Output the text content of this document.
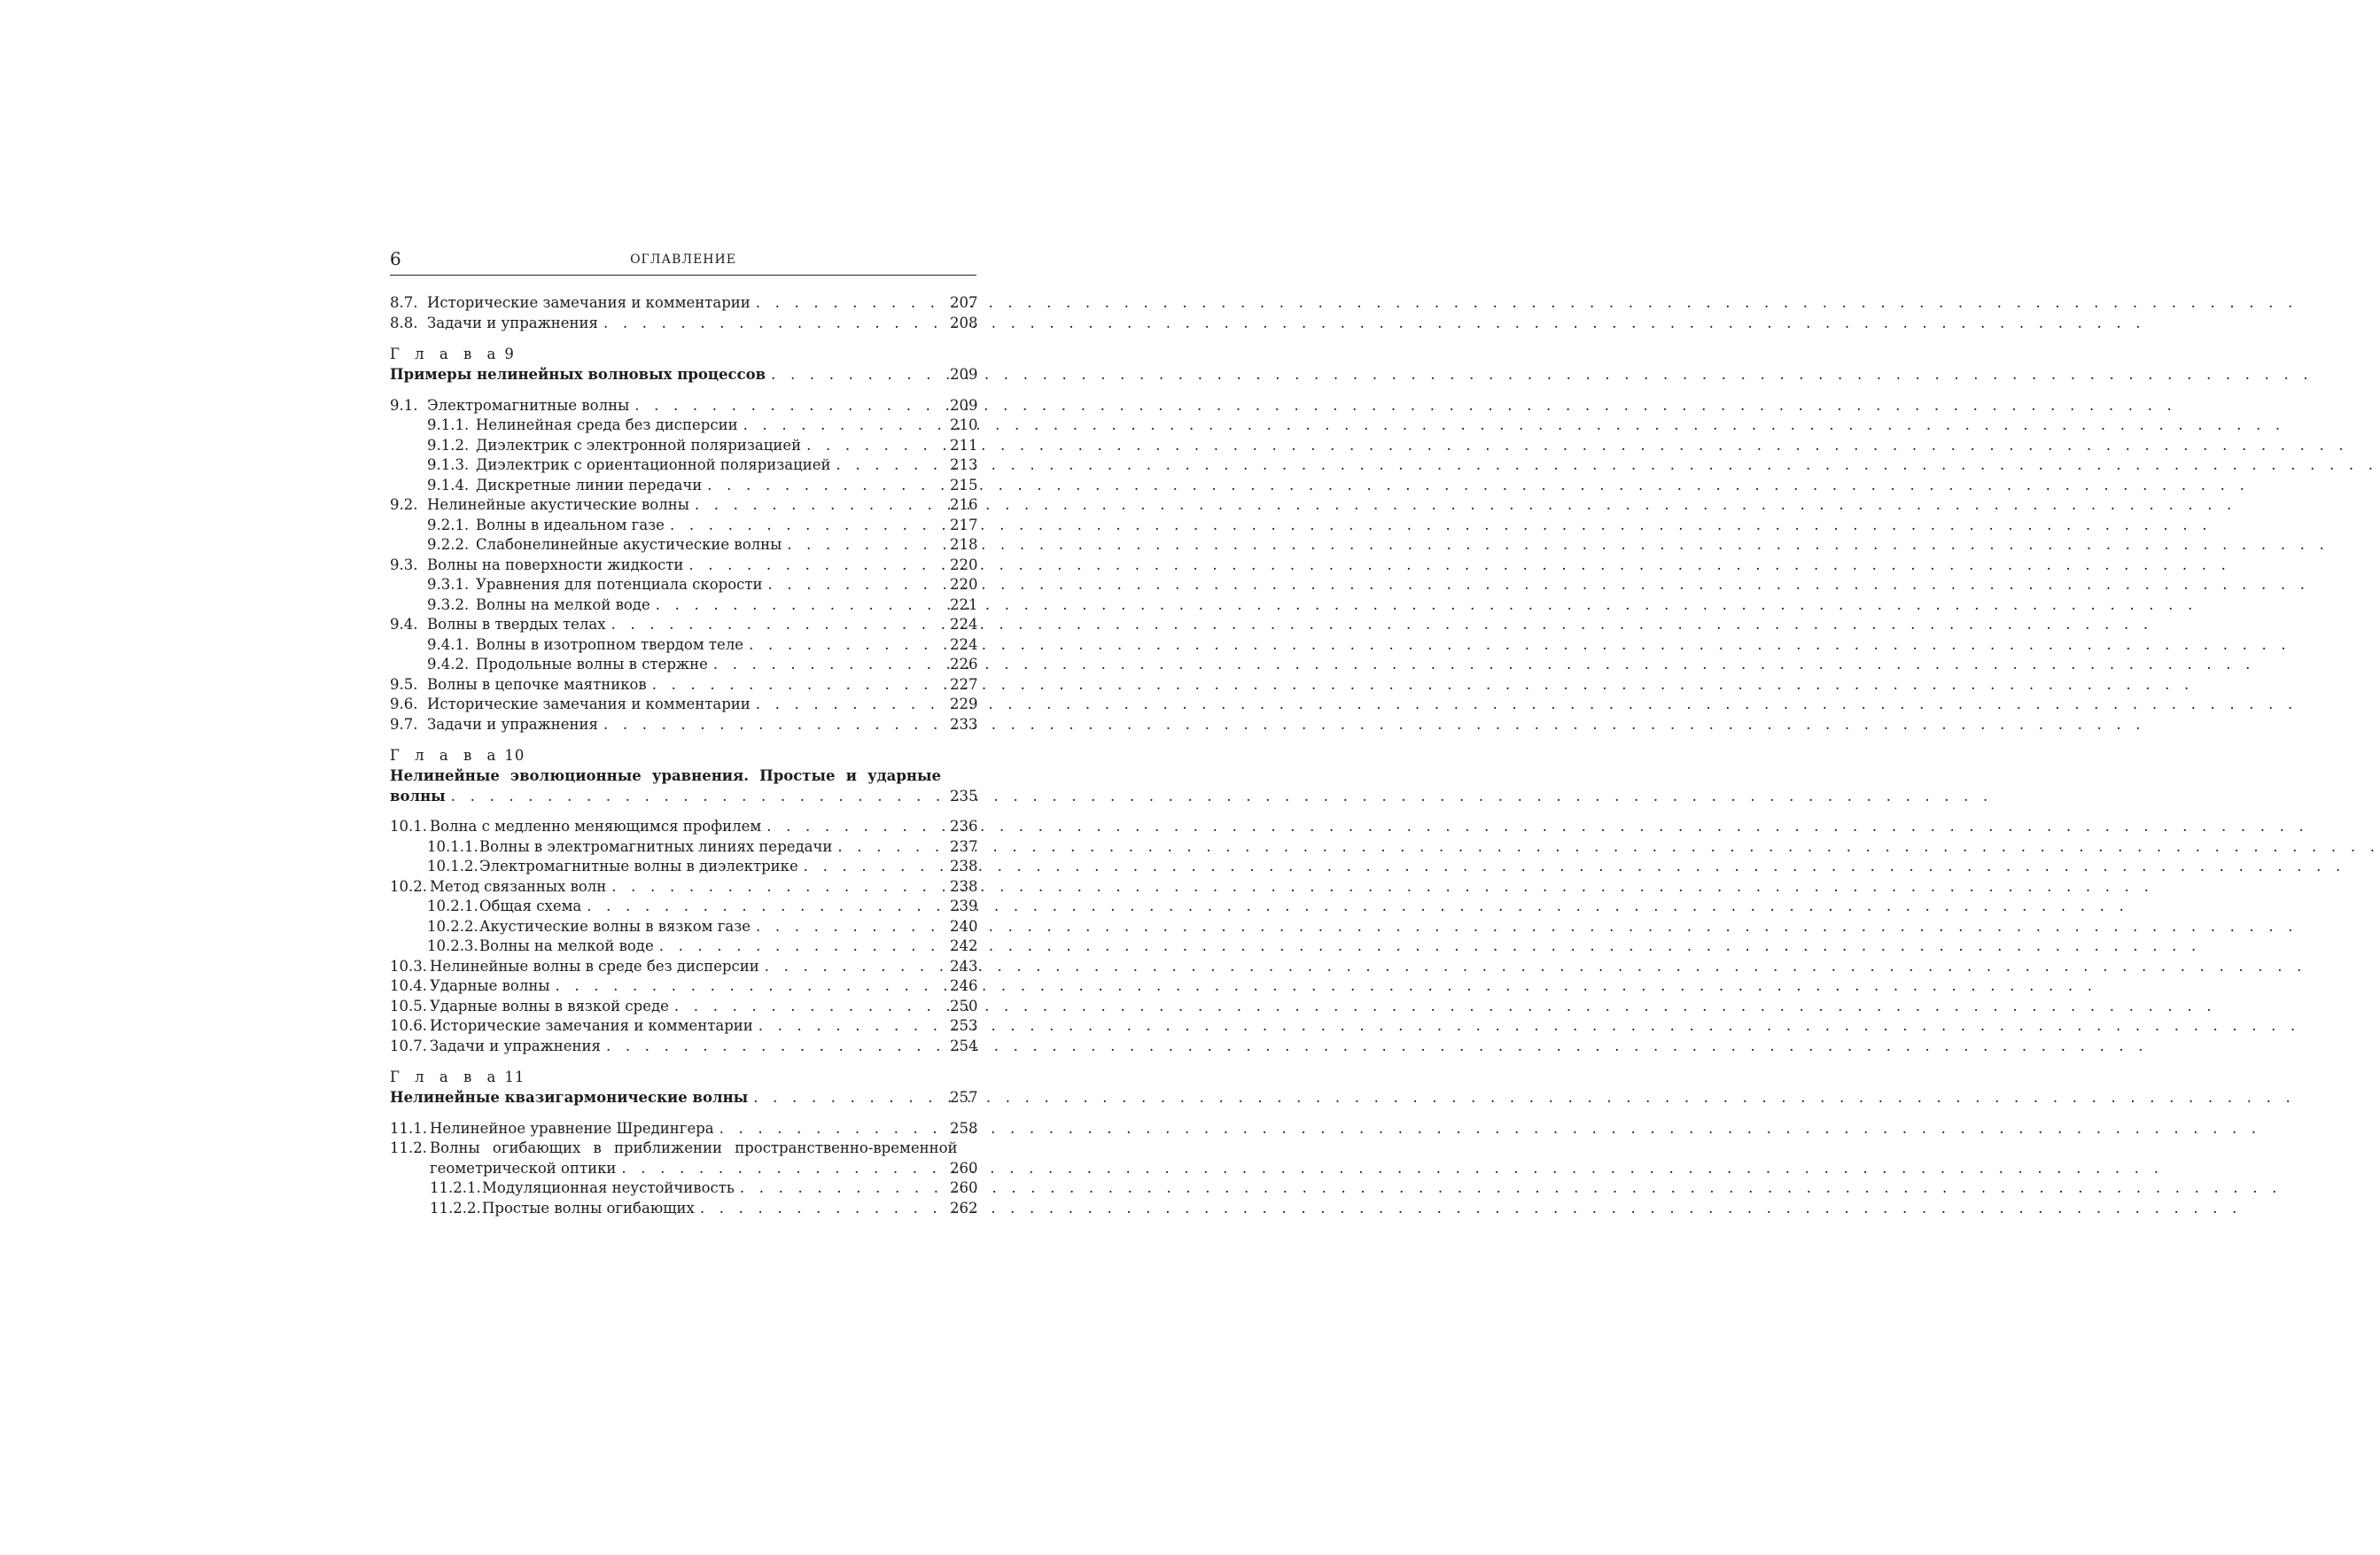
6	ОГЛАВЛЕНИЕ
8.7. Исторические замечания и комментарии . . .	207
8.8. Задачи и упражнения . . .	208
Г л а в а 9
Примеры нелинейных волновых процессов . . .	209
9.1. Электромагнитные волны . . .	209
9.1.1. Нелинейная среда без дисперсии . . .	210
9.1.2. Диэлектрик с электронной поляризацией . . .	211
9.1.3. Диэлектрик с ориентационной поляризацией . . .	213
9.1.4. Дискретные линии передачи . . .	215
9.2. Нелинейные акустические волны . . .	216
9.2.1. Волны в идеальном газе . . .	217
9.2.2. Слабонелинейные акустические волны . . .	218
9.3. Волны на поверхности жидкости . . .	220
9.3.1. Уравнения для потенциала скорости . . .	220
9.3.2. Волны на мелкой воде . . .	221
9.4. Волны в твердых телах . . .	224
9.4.1. Волны в изотропном твердом теле . . .	224
9.4.2. Продольные волны в стержне . . .	226
9.5. Волны в цепочке маятников . . .	227
9.6. Исторические замечания и комментарии . . .	229
9.7. Задачи и упражнения . . .	233
Г л а в а 10
Нелинейные эволюционные уравнения. Простые и ударные
волны . . .	235
10.1. Волна с медленно меняющимся профилем . . .	236
10.1.1.Волны в электромагнитных линиях передачи . . .	237
10.1.2.Электромагнитные волны в диэлектрике . . .	238
10.2. Метод связанных волн . . .	238
10.2.1.Общая схема . . .	239
10.2.2.Акустические волны в вязком газе . . .	240
10.2.3.Волны на мелкой воде . . .	242
10.3. Нелинейные волны в среде без дисперсии . . .	243
10.4. Ударные волны . . .	246
10.5. Ударные волны в вязкой среде . . .	250
10.6. Исторические замечания и комментарии . . .	253
10.7. Задачи и упражнения . . .	254
Г л а в а 11
Нелинейные квазигармонические волны . . .	257
11.1. Нелинейное уравнение Шредингера . . .	258
11.2. Волны огибающих в приближении пространственно-временной
геометрической оптики . . .	260
11.2.1.Модуляционная неустойчивость . . .	260
11.2.2.Простые волны огибающих . . .	262
